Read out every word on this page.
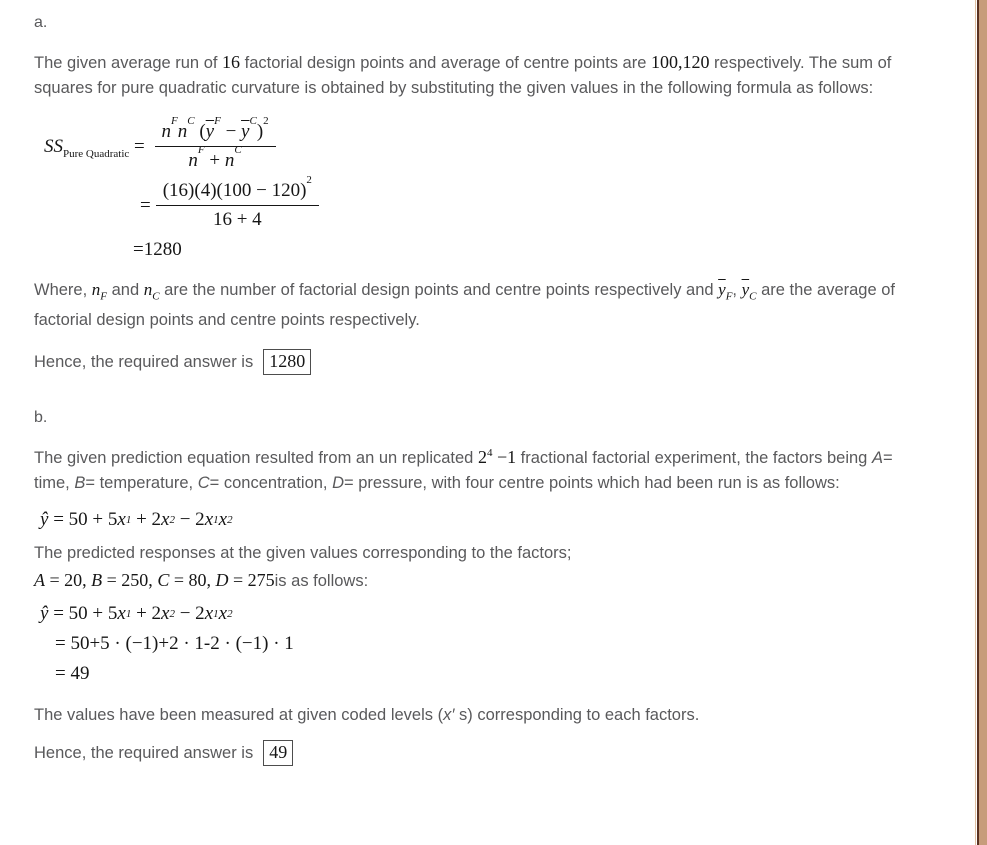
a.

The given average run of 16 factorial design points and average of centre points are 100,120 respectively. The sum of squares for pure quadratic curvature is obtained by substituting the given values in the following formula as follows:

$SS_{Pure Quadratic} = \frac{n F n C ( \overline{y} F - \overline{y} C ) 2}{\text{n F + n C}}$
= $\frac{(16)(4)(100 - 120) 2}{16 + 4}$
=1280

Where, $n_F$ and $n_C$ are the number of factorial design points and centre points respectively and $\overline{y}_F$, $\overline{y}_C$ are the average of factorial design points and centre points respectively.

Hence, the required answer is 1280
b.

The given prediction equation resulted from an un replicated $2^4 -1$ fractional factorial experiment, the factors being A= time, B= temperature, C= concentration, D= pressure, with four centre points which had been run is as follows:

ŷ = 50 + 5 x 1 + 2 x 2 − 2 x 1 x 2

The predicted responses at the given values corresponding to the factors;

A = 20, B = 250, C = 80, D = 275 is as follows:
ŷ = 50 + 5 x 1 + 2 x 2 − 2 x 1 x 2
= 50+5 · (−1)+2 · 1-2 · (−1) · 1
= 49

The values have been measured at given coded levels (x′ s) corresponding to each factors.

Hence, the required answer is 49
